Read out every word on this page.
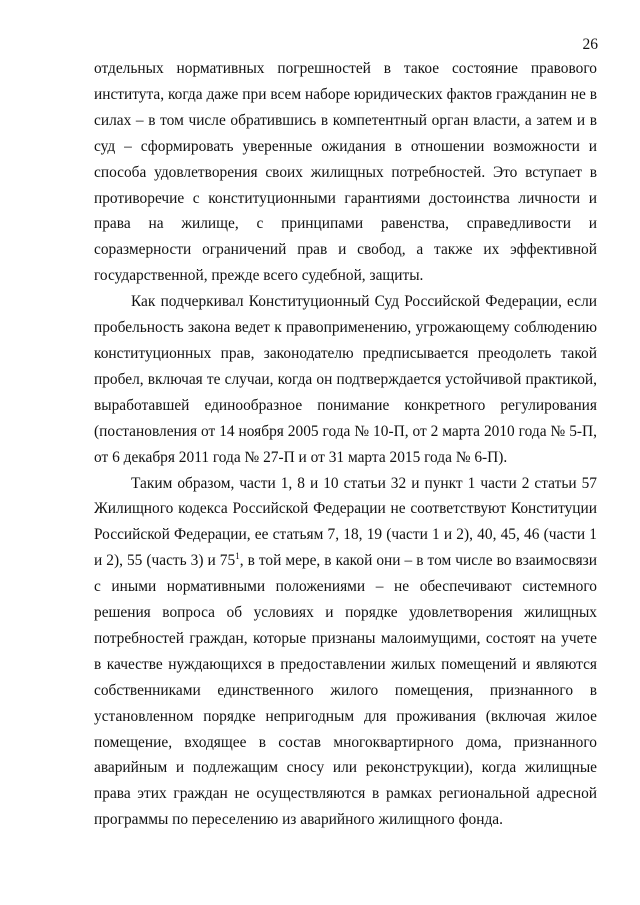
26

отдельных нормативных погрешностей в такое состояние правового института, когда даже при всем наборе юридических фактов гражданин не в силах – в том числе обратившись в компетентный орган власти, а затем и в суд – сформировать уверенные ожидания в отношении возможности и способа удовлетворения своих жилищных потребностей. Это вступает в противоречие с конституционными гарантиями достоинства личности и права на жилище, с принципами равенства, справедливости и соразмерности ограничений прав и свобод, а также их эффективной государственной, прежде всего судебной, защиты.

Как подчеркивал Конституционный Суд Российской Федерации, если пробельность закона ведет к правоприменению, угрожающему соблюдению конституционных прав, законодателю предписывается преодолеть такой пробел, включая те случаи, когда он подтверждается устойчивой практикой, выработавшей единообразное понимание конкретного регулирования (постановления от 14 ноября 2005 года № 10-П, от 2 марта 2010 года № 5-П, от 6 декабря 2011 года № 27-П и от 31 марта 2015 года № 6-П).

Таким образом, части 1, 8 и 10 статьи 32 и пункт 1 части 2 статьи 57 Жилищного кодекса Российской Федерации не соответствуют Конституции Российской Федерации, ее статьям 7, 18, 19 (части 1 и 2), 40, 45, 46 (части 1 и 2), 55 (часть 3) и $75^1$, в той мере, в какой они – в том числе во взаимосвязи с иными нормативными положениями – не обеспечивают системного решения вопроса об условиях и порядке удовлетворения жилищных потребностей граждан, которые признаны малоимущими, состоят на учете в качестве нуждающихся в предоставлении жилых помещений и являются собственниками единственного жилого помещения, признанного в установленном порядке непригодным для проживания (включая жилое помещение, входящее в состав многоквартирного дома, признанного аварийным и подлежащим сносу или реконструкции), когда жилищные права этих граждан не осуществляются в рамках региональной адресной программы по переселению из аварийного жилищного фонда.
